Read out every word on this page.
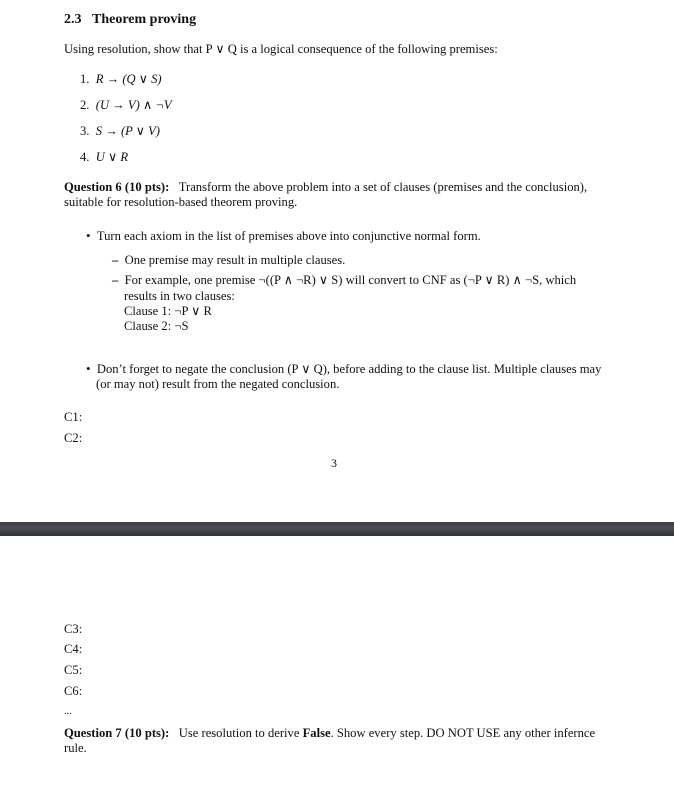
2.3 Theorem proving
Using resolution, show that P ∨ Q is a logical consequence of the following premises:
1. R → (Q ∨ S)
2. (U → V) ∧ ¬V
3. S → (P ∨ V)
4. U ∨ R
Question 6 (10 pts): Transform the above problem into a set of clauses (premises and the conclusion),
suitable for resolution-based theorem proving.
• Turn each axiom in the list of premises above into conjunctive normal form.
– One premise may result in multiple clauses.
– For example, one premise ¬((P ∧ ¬R) ∨ S) will convert to CNF as (¬P ∨ R) ∧ ¬S, which
results in two clauses:
Clause 1: ¬P ∨ R
Clause 2: ¬S
• Don’t forget to negate the conclusion (P ∨ Q), before adding to the clause list. Multiple clauses may
(or may not) result from the negated conclusion.
C1:
C2:
3
C3:
C4:
C5:
C6:
...
Question 7 (10 pts): Use resolution to derive False. Show every step. DO NOT USE any other infernce
rule.
